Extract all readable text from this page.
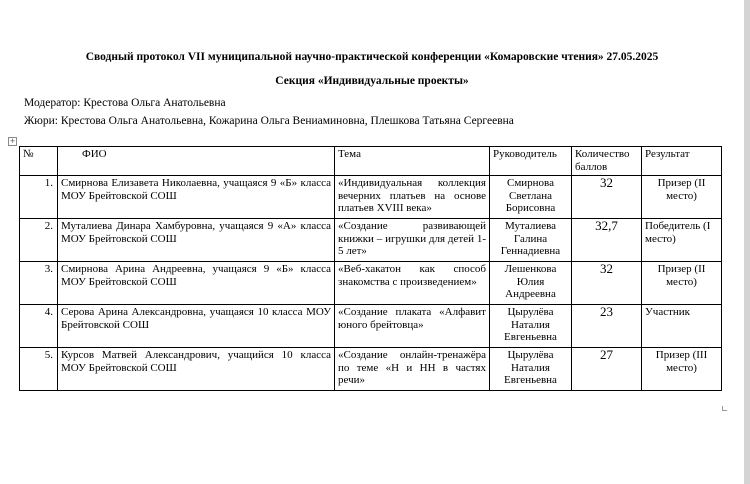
Сводный протокол VII муниципальной научно-практической конференции «Комаровские чтения» 27.05.2025
Секция «Индивидуальные проекты»
Модератор: Крестова Ольга Анатольевна
Жюри: Крестова Ольга Анатольевна, Кожарина Ольга Вениаминовна, Плешкова Татьяна Сергеевна
+
№	ФИО	Тема	Руководитель	Количество баллов	Результат
1.	Смирнова Елизавета Николаевна, учащаяся 9 «Б» класса МОУ Брейтовской СОШ	«Индивидуальная коллекция вечерних платьев на основе платьев XVIII века»	Смирнова Светлана Борисовна	32	Призер (II место)
2.	Муталиева Динара Хамбуровна, учащаяся 9 «А» класса МОУ Брейтовской СОШ	«Создание развивающей книжки – игрушки для детей 1-5 лет»	Муталиева Галина Геннадиевна	32,7	Победитель (I место)
3.	Смирнова Арина Андреевна, учащаяся 9 «Б» класса МОУ Брейтовской СОШ	«Веб-хакатон как способ знакомства с произведением»	Лешенкова Юлия Андреевна	32	Призер (II место)
4.	Серова Арина Александровна, учащаяся 10 класса МОУ Брейтовской СОШ	«Создание плаката «Алфавит юного брейтовца»	Цырулёва Наталия Евгеньевна	23	Участник
5.	Курсов Матвей Александрович, учащийся 10 класса МОУ Брейтовской СОШ	«Создание онлайн-тренажёра по теме «Н и НН в частях речи»	Цырулёва Наталия Евгеньевна	27	Призер (III место)
